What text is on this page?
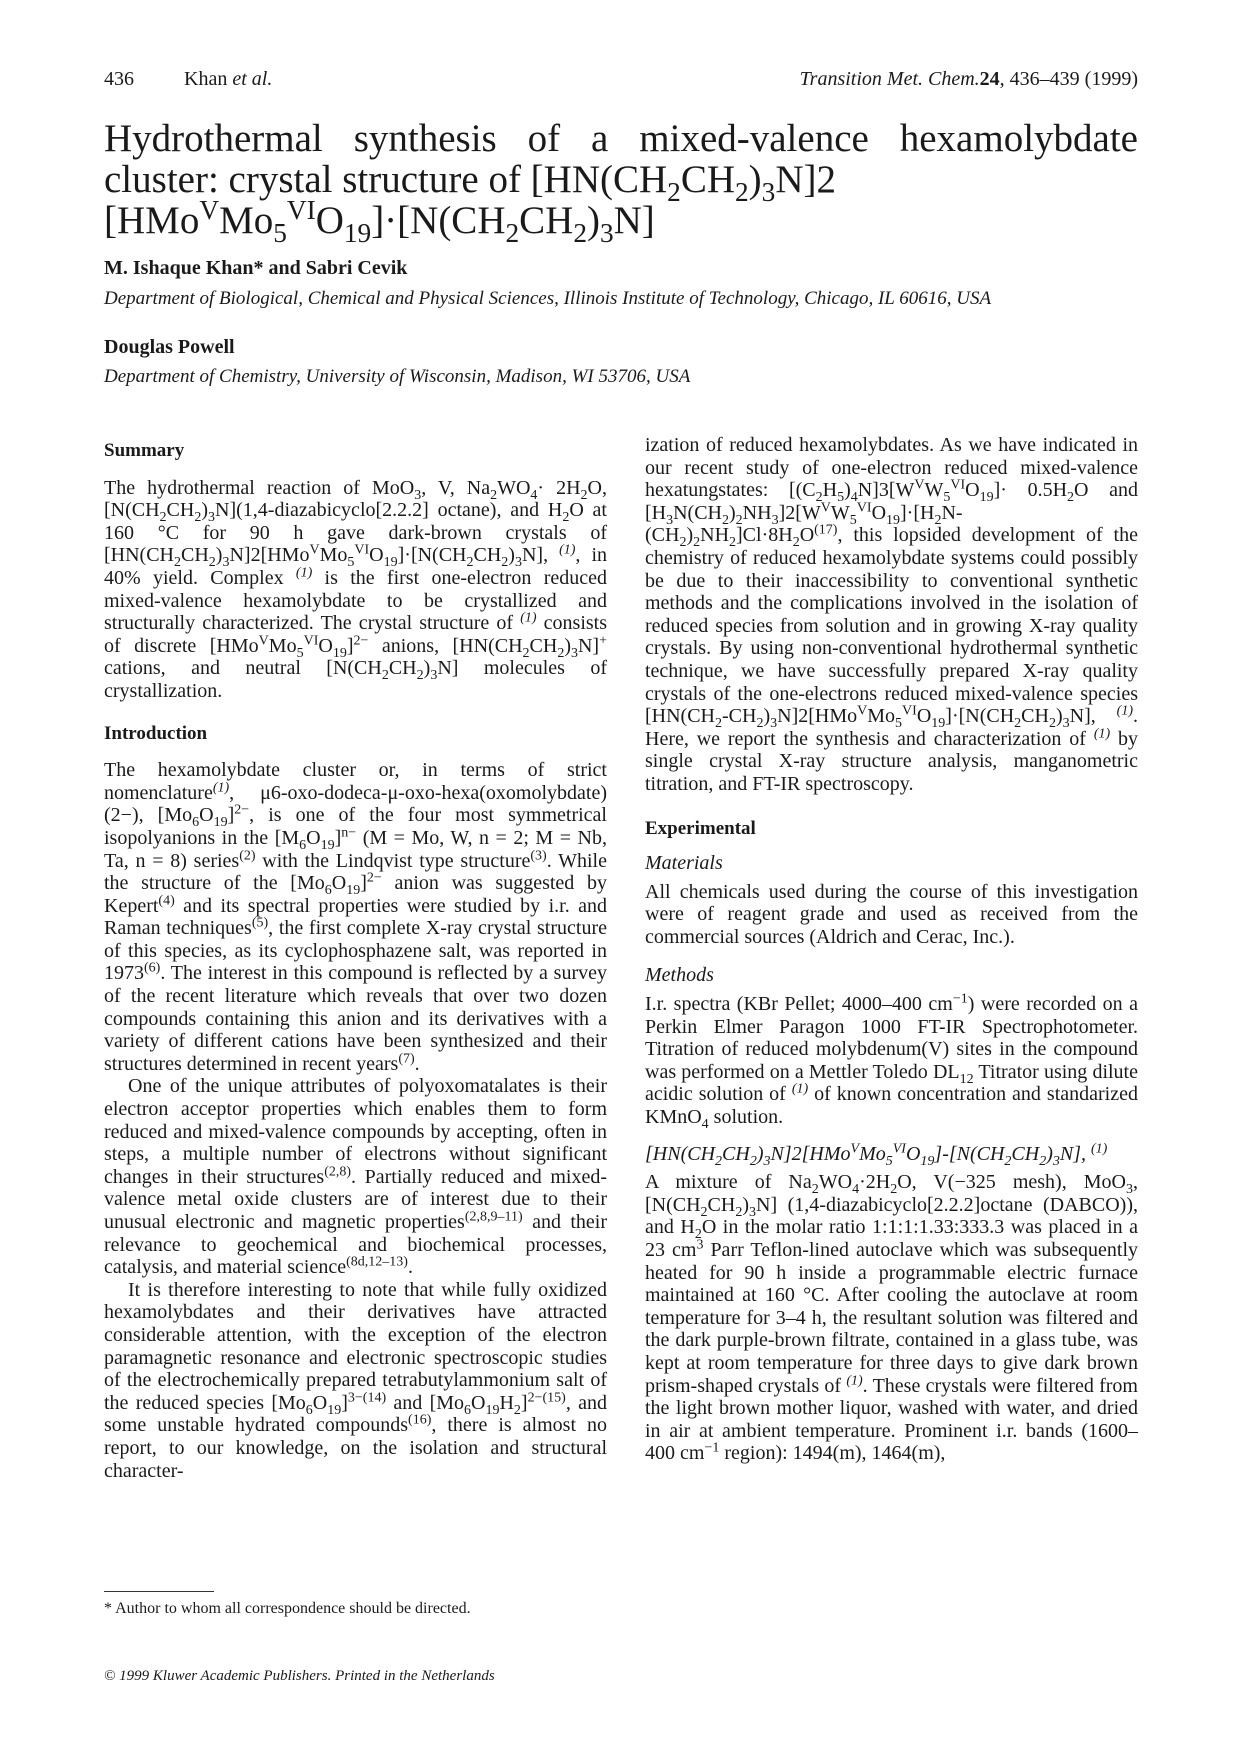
436	Khan et al.	Transition Met. Chem.24, 436–439 (1999)
Hydrothermal synthesis of a mixed-valence hexamolybdate
cluster: crystal structure of $[HN(CH_2CH_2)_3N]2$
$[HMo^VMo_5^{VI}O_{19}]\cdot[N(CH_2CH_2)_3N]$
M. Ishaque Khan* and Sabri Cevik
Department of Biological, Chemical and Physical Sciences, Illinois Institute of Technology, Chicago, IL 60616, USA
Douglas Powell
Department of Chemistry, University of Wisconsin, Madison, WI 53706, USA
Summary

The hydrothermal reaction of MoO$_3$, V, $Na_2WO_4\cdot 2H_2O$, $[N(CH_2CH_2)_3N](1,4-diazabicyclo[2.2.2]$ octane), and $H_2O$ at 160 °C for 90 h gave dark-brown crystals of $[HN(CH_2CH_2)_3N]2[HMo^VMo_5^{VI}O_{19}]\cdot[N(CH_2CH_2)_3N]$, $^{(1)}$, in 40% yield. Complex $^{(1)}$ is the first one-electron reduced mixed-valence hexamolybdate to be crystallized and structurally characterized. The crystal structure of $^{(1)}$ consists of discrete $[HMo^VMo_5^{VI}O_{19}]^{2-}$ anions, $[HN(CH_2CH_2)_3N]^+$ cations, and neutral $[N(CH_2CH_2)_3N]$ molecules of crystallization.

Introduction

The hexamolybdate cluster or, in terms of strict nomenclature$^{(1)}$, μ6-oxo-dodeca-μ-oxo-hexa(oxomolybdate)(2−), $[Mo_6O_{19}]^{2-}$, is one of the four most symmetrical isopolyanions in the $[M_6O_{19}]^{n-}$ (M = Mo, W, n = 2; M = Nb, Ta, n = 8) series$^{(2)}$ with the Lindqvist type structure$^{(3)}$. While the structure of the $[Mo_6O_{19}]^{2-}$ anion was suggested by Kepert$^{(4)}$ and its spectral properties were studied by i.r. and Raman techniques$^{(5)}$, the first complete X-ray crystal structure of this species, as its cyclophosphazene salt, was reported in 1973$^{(6)}$. The interest in this compound is reflected by a survey of the recent literature which reveals that over two dozen compounds containing this anion and its derivatives with a variety of different cations have been synthesized and their structures determined in recent years$^{(7)}$.

One of the unique attributes of polyoxomatalates is their electron acceptor properties which enables them to form reduced and mixed-valence compounds by accepting, often in steps, a multiple number of electrons without significant changes in their structures$^{(2,8)}$. Partially reduced and mixed-valence metal oxide clusters are of interest due to their unusual electronic and magnetic properties$^{(2,8,9-11)}$ and their relevance to geochemical and biochemical processes, catalysis, and material science$^{(8d,12-13)}$.

It is therefore interesting to note that while fully oxidized hexamolybdates and their derivatives have attracted considerable attention, with the exception of the electron paramagnetic resonance and electronic spectroscopic studies of the electrochemically prepared tetrabutylammonium salt of the reduced species $[Mo_6O_{19}]^{3-(14)}$ and $[Mo_6O_{19}H_2]^{2-(15)}$, and some unstable hydrated compounds$^{(16)}$, there is almost no report, to our knowledge, on the isolation and structural character-

ization of reduced hexamolybdates. As we have indicated in our recent study of one-electron reduced mixed-valence hexatungstates: $[(C_2H_5)_4N]3[W^VW_5^{VI}O_{19}]\cdot 0.5H_2O$ and $[H_3N(CH_2)_2NH_3]2[W^VW_5^{VI}O_{19}]\cdot[H_2N-(CH_2)_2NH_2]Cl\cdot 8H_2O^{(17)}$, this lopsided development of the chemistry of reduced hexamolybdate systems could possibly be due to their inaccessibility to conventional synthetic methods and the complications involved in the isolation of reduced species from solution and in growing X-ray quality crystals. By using non-conventional hydrothermal synthetic technique, we have successfully prepared X-ray quality crystals of the one-electrons reduced mixed-valence species $[HN(CH_2-CH_2)_3N]2[HMo^VMo_5^{VI}O_{19}]\cdot[N(CH_2CH_2)_3N]$, $^{(1)}$. Here, we report the synthesis and characterization of $^{(1)}$ by single crystal X-ray structure analysis, manganometric titration, and FT-IR spectroscopy.

Experimental
Materials

All chemicals used during the course of this investigation were of reagent grade and used as received from the commercial sources (Aldrich and Cerac, Inc.).

Methods

I.r. spectra (KBr Pellet; 4000–400 $cm^{-1}$) were recorded on a Perkin Elmer Paragon 1000 FT-IR Spectrophotometer. Titration of reduced molybdenum(V) sites in the compound was performed on a Mettler Toledo $DL_{12}$ Titrator using dilute acidic solution of $^{(1)}$ of known concentration and standarized KMnO$_4$ solution.

$[HN(CH_2CH_2)_3N]2[HMo^VMo_5^{VI}O_{19}]-[N(CH_2CH_2)_3N]$, $^{(1)}$

A mixture of $Na_2WO_4\cdot 2H_2O$, V(−325 mesh), MoO$_3$, $[N(CH_2CH_2)_3N]$ (1,4-diazabicyclo[2.2.2]octane (DABCO)), and $H_2O$ in the molar ratio 1:1:1:1.33:333.3 was placed in a 23 $cm^3$ Parr Teflon-lined autoclave which was subsequently heated for 90 h inside a programmable electric furnace maintained at 160 °C. After cooling the autoclave at room temperature for 3–4 h, the resultant solution was filtered and the dark purple-brown filtrate, contained in a glass tube, was kept at room temperature for three days to give dark brown prism-shaped crystals of $^{(1)}$. These crystals were filtered from the light brown mother liquor, washed with water, and dried in air at ambient temperature. Prominent i.r. bands (1600–400 $cm^{-1}$ region): 1494(m), 1464(m),

* Author to whom all correspondence should be directed.
© 1999 Kluwer Academic Publishers. Printed in the Netherlands
